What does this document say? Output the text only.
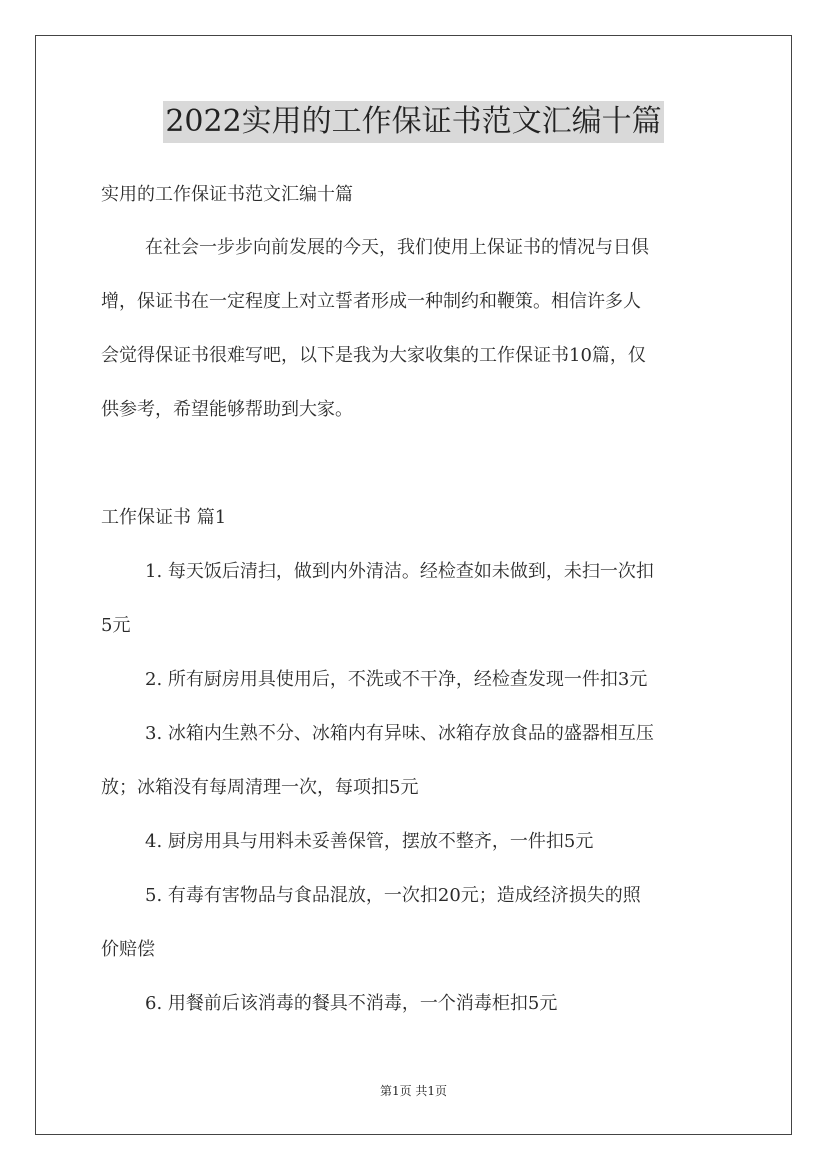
2022实用的工作保证书范文汇编十篇
实用的工作保证书范文汇编十篇
在社会一步步向前发展的今天，我们使用上保证书的情况与日俱
增，保证书在一定程度上对立誓者形成一种制约和鞭策。相信许多人
会觉得保证书很难写吧，以下是我为大家收集的工作保证书10篇，仅
供参考，希望能够帮助到大家。
工作保证书 篇1
1. 每天饭后清扫，做到内外清洁。经检查如未做到，未扫一次扣
5元
2. 所有厨房用具使用后，不洗或不干净，经检查发现一件扣3元
3. 冰箱内生熟不分、冰箱内有异味、冰箱存放食品的盛器相互压
放；冰箱没有每周清理一次，每项扣5元
4. 厨房用具与用料未妥善保管，摆放不整齐，一件扣5元
5. 有毒有害物品与食品混放，一次扣20元；造成经济损失的照
价赔偿
6. 用餐前后该消毒的餐具不消毒，一个消毒柜扣5元
第1页 共1页
